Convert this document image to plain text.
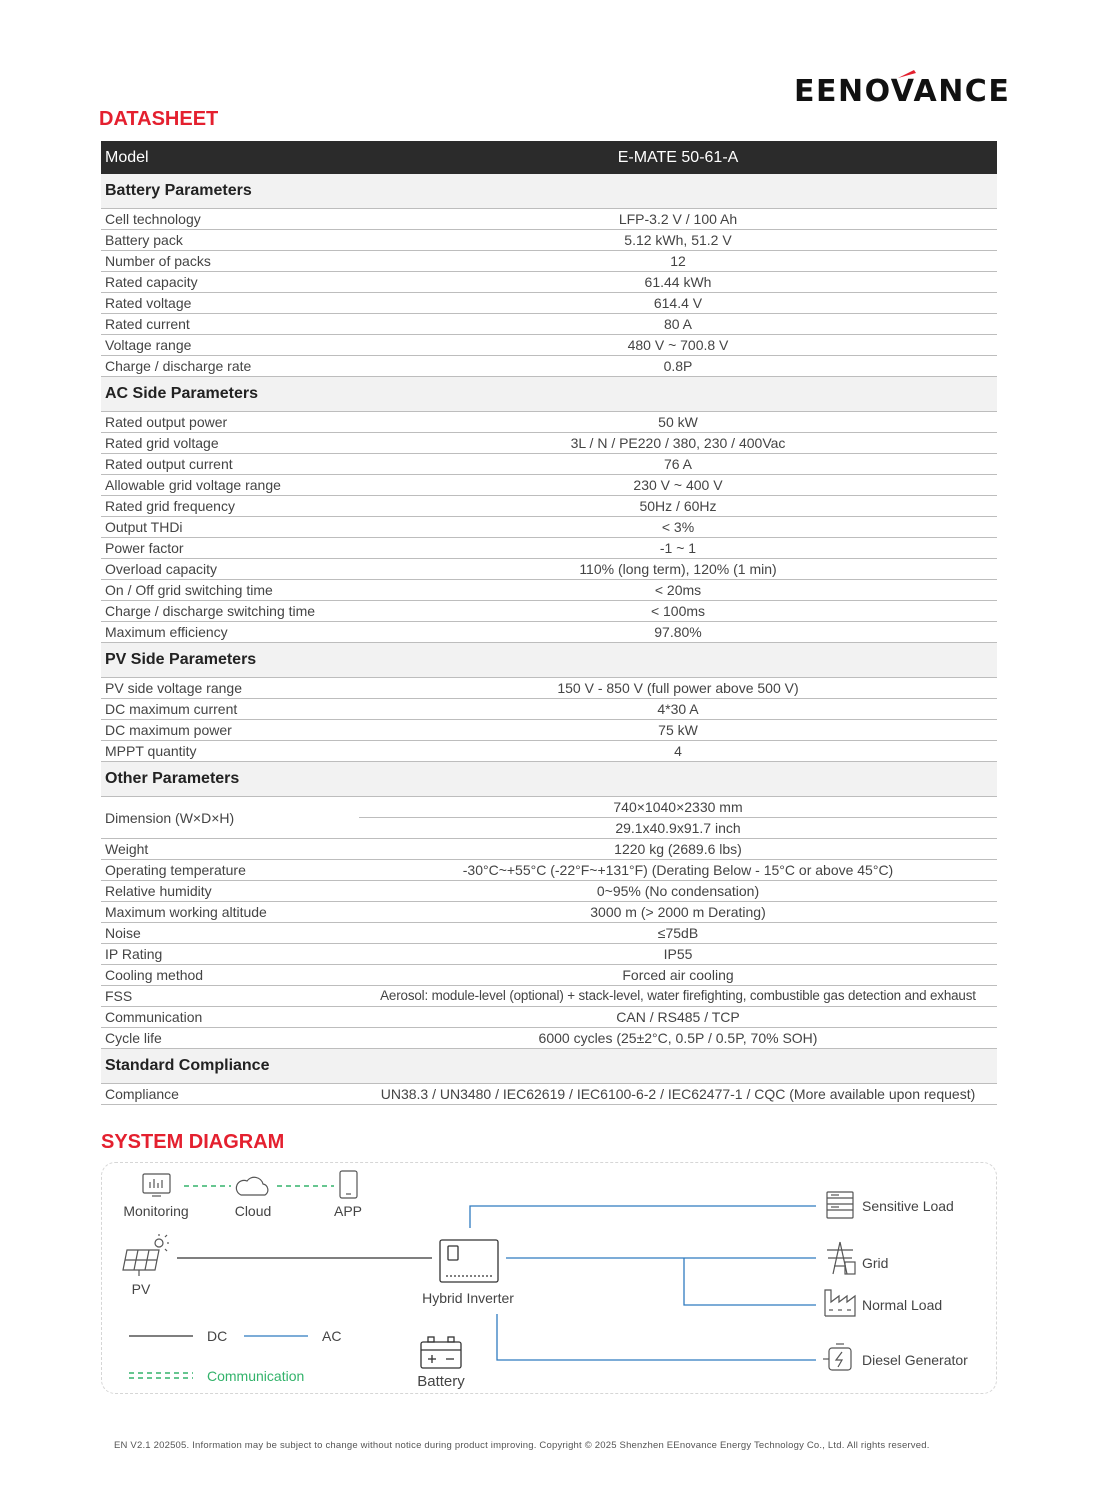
EENOVANCE
DATASHEET
Model	E-MATE 50-61-A
Battery Parameters	
Cell technology	LFP-3.2 V / 100 Ah
Battery pack	5.12 kWh, 51.2 V
Number of packs	12
Rated capacity	61.44 kWh
Rated voltage	614.4 V
Rated current	80 A
Voltage range	480 V ~ 700.8 V
Charge / discharge rate	0.8P
AC Side Parameters	
Rated output power	50 kW
Rated grid voltage	3L / N / PE220 / 380, 230 / 400Vac
Rated output current	76 A
Allowable grid voltage range	230 V ~ 400 V
Rated grid frequency	50Hz / 60Hz
Output THDi	< 3%
Power factor	-1 ~ 1
Overload capacity	110% (long term), 120% (1 min)
On / Off grid switching time	< 20ms
Charge / discharge switching time	< 100ms
Maximum efficiency	97.80%
PV Side Parameters	
PV side voltage range	150 V - 850 V (full power above 500 V)
DC maximum current	4*30 A
DC maximum power	75 kW
MPPT quantity	4
Other Parameters	
Dimension (W×D×H)	740×1040×2330 mm
	29.1x40.9x91.7 inch
Weight	1220 kg (2689.6 lbs)
Operating temperature	-30°C~+55°C (-22°F~+131°F) (Derating Below - 15°C or above 45°C)
Relative humidity	0~95% (No condensation)
Maximum working altitude	3000 m (> 2000 m Derating)
Noise	≤75dB
IP Rating	IP55
Cooling method	Forced air cooling
FSS	Aerosol: module-level (optional) + stack-level, water firefighting, combustible gas detection and exhaust
Communication	CAN / RS485 / TCP
Cycle life	6000 cycles (25±2°C, 0.5P / 0.5P, 70% SOH)
Standard Compliance	
Compliance	UN38.3 / UN3480 / IEC62619 / IEC6100-6-2 / IEC62477-1 / CQC (More available upon request)
SYSTEM DIAGRAM
Monitoring	Cloud	APP
PV
Hybrid Inverter
Battery
Sensitive Load
Grid
Normal Load
Diesel Generator
DC	AC
Communication

EN V2.1 202505. Information may be subject to change without notice during product improving. Copyright © 2025 Shenzhen EEnovance Energy Technology Co., Ltd. All rights reserved.
